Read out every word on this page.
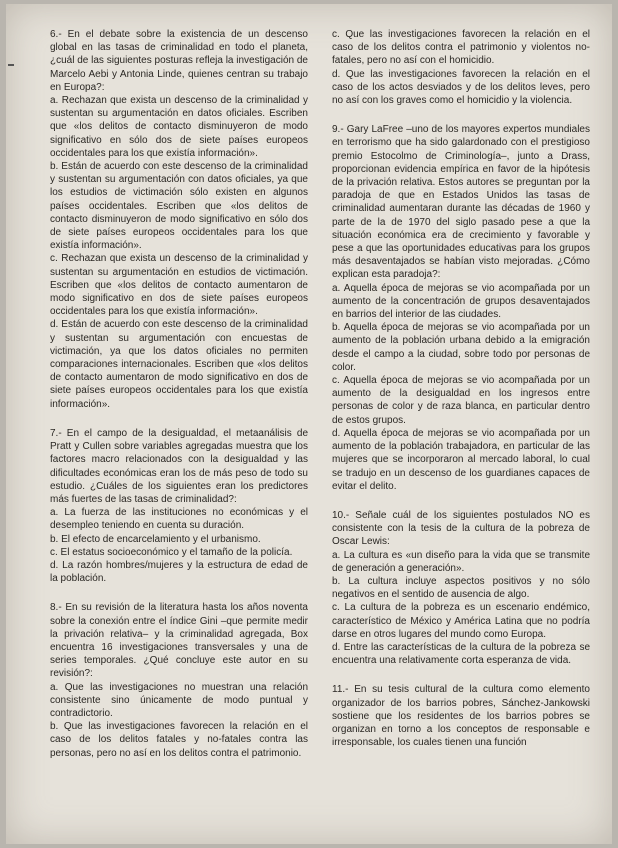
6.- En el debate sobre la existencia de un descenso global en las tasas de criminalidad en todo el planeta, ¿cuál de las siguientes posturas refleja la investigación de Marcelo Aebi y Antonia Linde, quienes centran su trabajo en Europa?:

a. Rechazan que exista un descenso de la criminalidad y sustentan su argumentación en datos oficiales. Escriben que «los delitos de contacto disminuyeron de modo significativo en sólo dos de siete países europeos occidentales para los que existía información».

b. Están de acuerdo con este descenso de la criminalidad y sustentan su argumentación con datos oficiales, ya que los estudios de victimación sólo existen en algunos países occidentales. Escriben que «los delitos de contacto disminuyeron de modo significativo en sólo dos de siete países europeos occidentales para los que existía información».

c. Rechazan que exista un descenso de la criminalidad y sustentan su argumentación en estudios de victimación. Escriben que «los delitos de contacto aumentaron de modo significativo en dos de siete países europeos occidentales para los que existía información».

d. Están de acuerdo con este descenso de la criminalidad y sustentan su argumentación con encuestas de victimación, ya que los datos oficiales no permiten comparaciones internacionales. Escriben que «los delitos de contacto aumentaron de modo significativo en dos de siete países europeos occidentales para los que existía información».

7.- En el campo de la desigualdad, el metaanálisis de Pratt y Cullen sobre variables agregadas muestra que los factores macro relacionados con la desigualdad y las dificultades económicas eran los de más peso de todo su estudio. ¿Cuáles de los siguientes eran los predictores más fuertes de las tasas de criminalidad?:

a. La fuerza de las instituciones no económicas y el desempleo teniendo en cuenta su duración.

b. El efecto de encarcelamiento y el urbanismo.

c. El estatus socioeconómico y el tamaño de la policía.

d. La razón hombres/mujeres y la estructura de edad de la población.

8.- En su revisión de la literatura hasta los años noventa sobre la conexión entre el índice Gini –que permite medir la privación relativa– y la criminalidad agregada, Box encuentra 16 investigaciones transversales y una de series temporales. ¿Qué concluye este autor en su revisión?:

a. Que las investigaciones no muestran una relación consistente sino únicamente de modo puntual y contradictorio.

b. Que las investigaciones favorecen la relación en el caso de los delitos fatales y no-fatales contra las personas, pero no así en los delitos contra el patrimonio.

c. Que las investigaciones favorecen la relación en el caso de los delitos contra el patrimonio y violentos no-fatales, pero no así con el homicidio.

d. Que las investigaciones favorecen la relación en el caso de los actos desviados y de los delitos leves, pero no así con los graves como el homicidio y la violencia.

9.- Gary LaFree –uno de los mayores expertos mundiales en terrorismo que ha sido galardonado con el prestigioso premio Estocolmo de Criminología–, junto a Drass, proporcionan evidencia empírica en favor de la hipótesis de la privación relativa. Estos autores se preguntan por la paradoja de que en Estados Unidos las tasas de criminalidad aumentaran durante las décadas de 1960 y parte de la de 1970 del siglo pasado pese a que la situación económica era de crecimiento y favorable y pese a que las oportunidades educativas para los grupos más desaventajados se habían visto mejoradas. ¿Cómo explican esta paradoja?:

a. Aquella época de mejoras se vio acompañada por un aumento de la concentración de grupos desaventajados en barrios del interior de las ciudades.

b. Aquella época de mejoras se vio acompañada por un aumento de la población urbana debido a la emigración desde el campo a la ciudad, sobre todo por personas de color.

c. Aquella época de mejoras se vio acompañada por un aumento de la desigualdad en los ingresos entre personas de color y de raza blanca, en particular dentro de estos grupos.

d. Aquella época de mejoras se vio acompañada por un aumento de la población trabajadora, en particular de las mujeres que se incorporaron al mercado laboral, lo cual se tradujo en un descenso de los guardianes capaces de evitar el delito.

10.- Señale cuál de los siguientes postulados NO es consistente con la tesis de la cultura de la pobreza de Oscar Lewis:

a. La cultura es «un diseño para la vida que se transmite de generación a generación».

b. La cultura incluye aspectos positivos y no sólo negativos en el sentido de ausencia de algo.

c. La cultura de la pobreza es un escenario endémico, característico de México y América Latina que no podría darse en otros lugares del mundo como Europa.

d. Entre las características de la cultura de la pobreza se encuentra una relativamente corta esperanza de vida.

11.- En su tesis cultural de la cultura como elemento organizador de los barrios pobres, Sánchez-Jankowski sostiene que los residentes de los barrios pobres se organizan en torno a los conceptos de responsable e irresponsable, los cuales tienen una función
